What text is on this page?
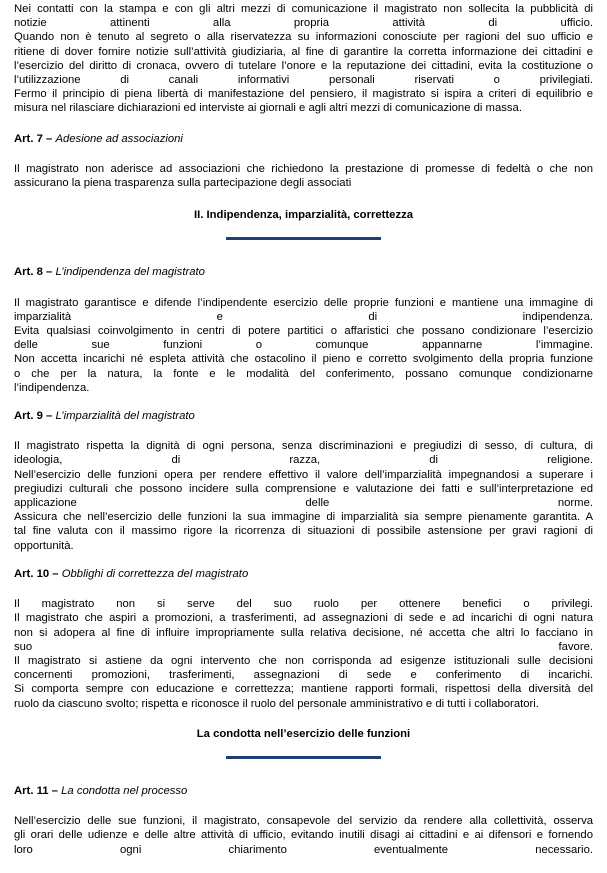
Nei contatti con la stampa e con gli altri mezzi di comunicazione il magistrato non sollecita la pubblicità di
notizie attinenti alla propria attività di ufficio.
Quando non è tenuto al segreto o alla riservatezza su informazioni conosciute per ragioni del suo ufficio e
ritiene di dover fornire notizie sull’attività giudiziaria, al fine di garantire la corretta informazione dei cittadini e
l’esercizio del diritto di cronaca, ovvero di tutelare l’onore e la reputazione dei cittadini, evita la costituzione o
l’utilizzazione di canali informativi personali riservati o privilegiati.
Fermo il principio di piena libertà di manifestazione del pensiero, il magistrato si ispira a criteri di equilibrio e
misura nel rilasciare dichiarazioni ed interviste ai giornali e agli altri mezzi di comunicazione di massa.
Art. 7 – Adesione ad associazioni
Il magistrato non aderisce ad associazioni che richiedono la prestazione di promesse di fedeltà o che non
assicurano la piena trasparenza sulla partecipazione degli associati
II. Indipendenza, imparzialità, correttezza
Art. 8 – L’indipendenza del magistrato
Il magistrato garantisce e difende l’indipendente esercizio delle proprie funzioni e mantiene una immagine di
imparzialità e di indipendenza.
Evita qualsiasi coinvolgimento in centri di potere partitici o affaristici che possano condizionare l’esercizio
delle sue funzioni o comunque appannarne l’immagine.
Non accetta incarichi né espleta attività che ostacolino il pieno e corretto svolgimento della propria funzione
o che per la natura, la fonte e le modalità del conferimento, possano comunque condizionarne
l’indipendenza.
Art. 9 – L’imparzialità del magistrato
Il magistrato rispetta la dignità di ogni persona, senza discriminazioni e pregiudizi di sesso, di cultura, di
ideologia, di razza, di religione.
Nell’esercizio delle funzioni opera per rendere effettivo il valore dell’imparzialità impegnandosi a superare i
pregiudizi culturali che possono incidere sulla comprensione e valutazione dei fatti e sull’interpretazione ed
applicazione delle norme.
Assicura che nell’esercizio delle funzioni la sua immagine di imparzialità sia sempre pienamente garantita. A
tal fine valuta con il massimo rigore la ricorrenza di situazioni di possibile astensione per gravi ragioni di
opportunità.
Art. 10 – Obblighi di correttezza del magistrato
Il magistrato non si serve del suo ruolo per ottenere benefici o privilegi.
Il magistrato che aspiri a promozioni, a trasferimenti, ad assegnazioni di sede e ad incarichi di ogni natura
non si adopera al fine di influire impropriamente sulla relativa decisione, né accetta che altri lo facciano in
suo favore.
Il magistrato si astiene da ogni intervento che non corrisponda ad esigenze istituzionali sulle decisioni
concernenti promozioni, trasferimenti, assegnazioni di sede e conferimento di incarichi.
Si comporta sempre con educazione e correttezza; mantiene rapporti formali, rispettosi della diversità del
ruolo da ciascuno svolto; rispetta e riconosce il ruolo del personale amministrativo e di tutti i collaboratori.
La condotta nell’esercizio delle funzioni
Art. 11 – La condotta nel processo
Nell’esercizio delle sue funzioni, il magistrato, consapevole del servizio da rendere alla collettività, osserva
gli orari delle udienze e delle altre attività di ufficio, evitando inutili disagi ai cittadini e ai difensori e fornendo
loro ogni chiarimento eventualmente necessario.
